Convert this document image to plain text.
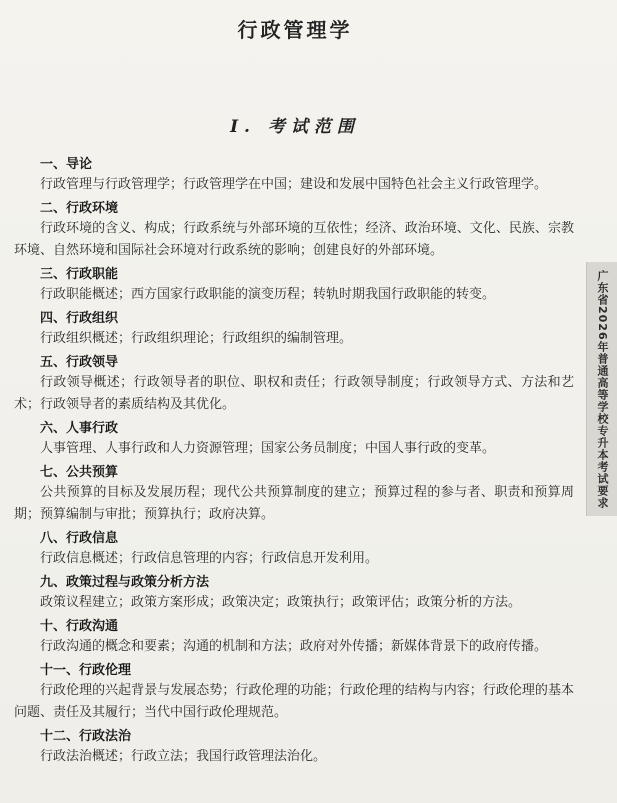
行政管理学
I. 考试范围
一、导论

行政管理与行政管理学；行政管理学在中国；建设和发展中国特色社会主义行政管理学。

二、行政环境

行政环境的含义、构成；行政系统与外部环境的互依性；经济、政治环境、文化、民族、宗教环境、自然环境和国际社会环境对行政系统的影响；创建良好的外部环境。

三、行政职能

行政职能概述；西方国家行政职能的演变历程；转轨时期我国行政职能的转变。

四、行政组织

行政组织概述；行政组织理论；行政组织的编制管理。

五、行政领导

行政领导概述；行政领导者的职位、职权和责任；行政领导制度；行政领导方式、方法和艺术；行政领导者的素质结构及其优化。

六、人事行政

人事管理、人事行政和人力资源管理；国家公务员制度；中国人事行政的变革。

七、公共预算

公共预算的目标及发展历程；现代公共预算制度的建立；预算过程的参与者、职责和预算周期；预算编制与审批；预算执行；政府决算。

八、行政信息

行政信息概述；行政信息管理的内容；行政信息开发利用。

九、政策过程与政策分析方法

政策议程建立；政策方案形成；政策决定；政策执行；政策评估；政策分析的方法。

十、行政沟通

行政沟通的概念和要素；沟通的机制和方法；政府对外传播；新媒体背景下的政府传播。

十一、行政伦理

行政伦理的兴起背景与发展态势；行政伦理的功能；行政伦理的结构与内容；行政伦理的基本问题、责任及其履行；当代中国行政伦理规范。

十二、行政法治

行政法治概述；行政立法；我国行政管理法治化。

广东省2026年普通高等学校专升本考试要求
